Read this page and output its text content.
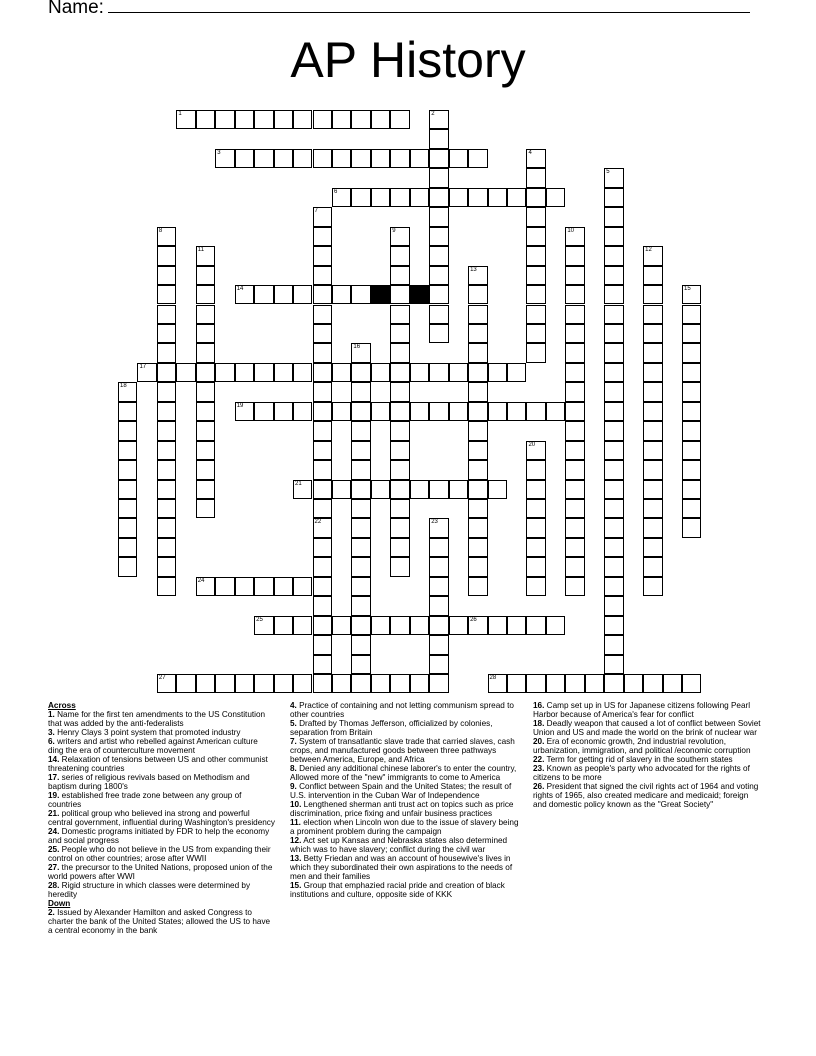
Name:
AP History
1	2
3	4
5
6
7
22
8	9	10
11	12
13
14	15
16
17
18
19
20
21
23
24
25	26
27	28
Across
1. Name for the first ten amendments to the US Constitution that was added by the anti-federalists
3. Henry Clays 3 point system that promoted industry
6. writers and artist who rebelled against American culture ding the era of counterculture movement
14. Relaxation of tensions between US and other communist threatening countries
17. series of religious revivals based on Methodism and baptism during 1800's
19. established free trade zone between any group of countries
21. political group who believed ina strong and powerful central government, influential during Washington's presidency
24. Domestic programs initiated by FDR to help the economy and social progress
25. People who do not believe in the US from expanding their control on other countries; arose after WWII
27. the precursor to the United Nations, proposed union of the world powers after WWI
28. Rigid structure in which classes were determined by heredity
Down
2. Issued by Alexander Hamilton and asked Congress to charter the bank of the United States; allowed the US to have a central economy in the bank
4. Practice of containing and not letting communism spread to other countries
5. Drafted by Thomas Jefferson, officialized by colonies, separation from Britain
7. System of transatlantic slave trade that carried slaves, cash crops, and manufactured goods between three pathways between America, Europe, and Africa
8. Denied any additional chinese laborer's to enter the country, Allowed more of the "new" immigrants to come to America
9. Conflict between Spain and the United States; the result of U.S. intervention in the Cuban War of Independence
10. Lengthened sherman anti trust act on topics such as price discrimination, price fixing and unfair business practices
11. election when Lincoln won due to the issue of slavery being a prominent problem during the campaign
12. Act set up Kansas and Nebraska states also determined which was to have slavery; conflict during the civil war
13. Betty Friedan and was an account of housewive's lives in which they subordinated their own aspirations to the needs of men and their families
15. Group that emphazied racial pride and creation of black institutions and culture, opposite side of KKK
16. Camp set up in US for Japanese citizens following Pearl Harbor because of America's fear for conflict
18. Deadly weapon that caused a lot of conflict between Soviet Union and US and made the world on the brink of nuclear war
20. Era of economic growth, 2nd industrial revolution, urbanization, immigration, and political /economic corruption
22. Term for getting rid of slavery in the southern states
23. Known as people's party who advocated for the rights of citizens to be more
26. President that signed the civil rights act of 1964 and voting rights of 1965, also created medicare and medicaid; foreign and domestic policy known as the "Great Society"
